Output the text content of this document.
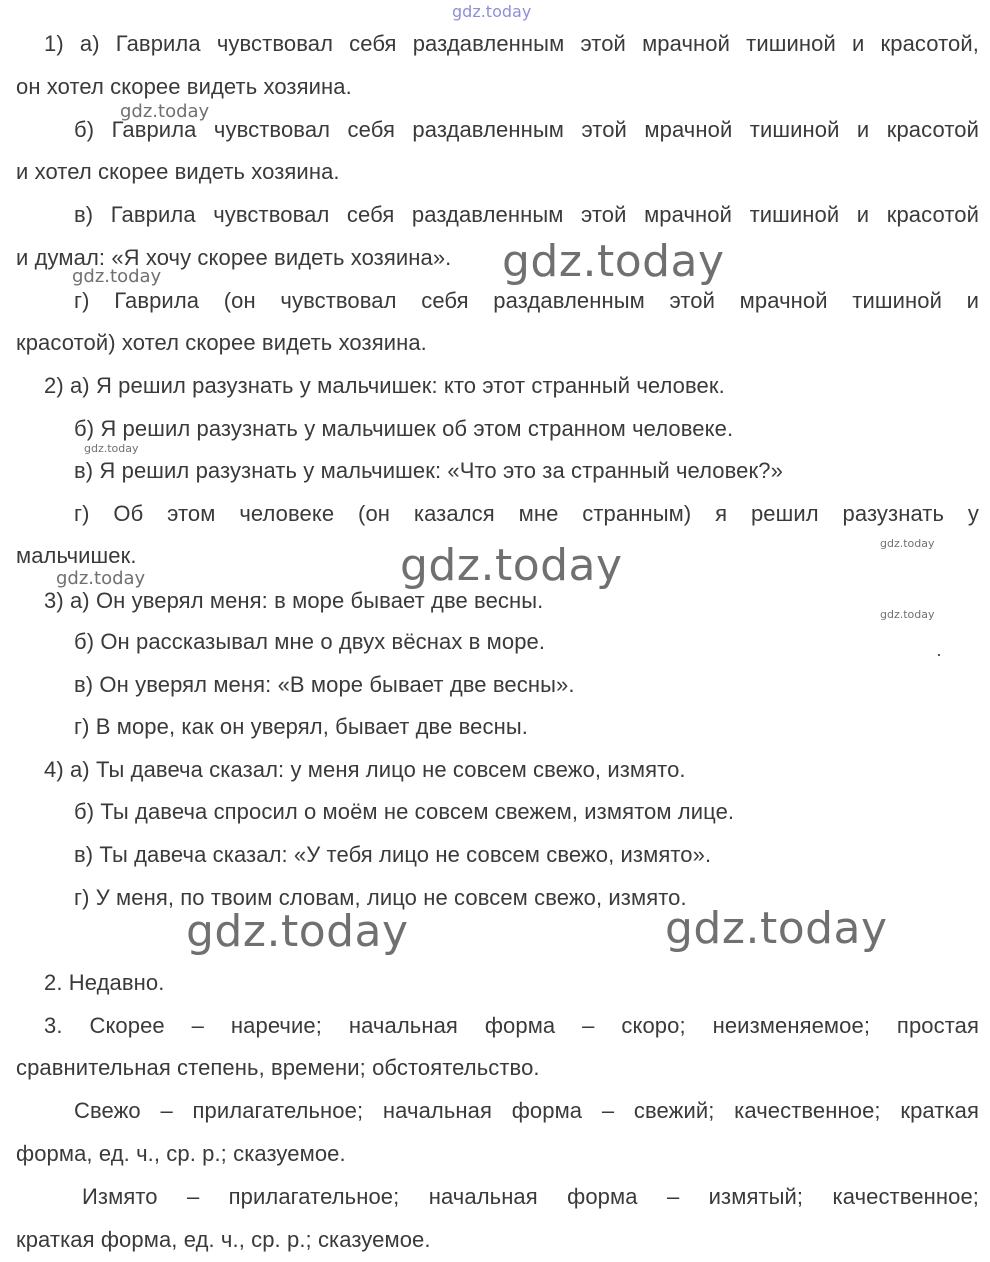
gdz.today
1) а) Гаврила чувствовал себя раздавленным этой мрачной тишиной и красотой,
он хотел скорее видеть хозяина.
б) Гаврила чувствовал себя раздавленным этой мрачной тишиной и красотой
и хотел скорее видеть хозяина.
в) Гаврила чувствовал себя раздавленным этой мрачной тишиной и красотой
и думал: «Я хочу скорее видеть хозяина».
г) Гаврила (он чувствовал себя раздавленным этой мрачной тишиной и
красотой) хотел скорее видеть хозяина.
2) а) Я решил разузнать у мальчишек: кто этот странный человек.
б) Я решил разузнать у мальчишек об этом странном человеке.
в) Я решил разузнать у мальчишек: «Что это за странный человек?»
г) Об этом человеке (он казался мне странным) я решил разузнать у
мальчишек.
3) а) Он уверял меня: в море бывает две весны.
б) Он рассказывал мне о двух вёснах в море.
в) Он уверял меня: «В море бывает две весны».
г) В море, как он уверял, бывает две весны.
4) а) Ты давеча сказал: у меня лицо не совсем свежо, измято.
б) Ты давеча спросил о моём не совсем свежем, измятом лице.
в) Ты давеча сказал: «У тебя лицо не совсем свежо, измято».
г) У меня, по твоим словам, лицо не совсем свежо, измято.
2. Недавно.
3. Скорее – наречие; начальная форма – скоро; неизменяемое; простая
сравнительная степень, времени; обстоятельство.
Свежо – прилагательное; начальная форма – свежий; качественное; краткая
форма, ед. ч., ср. р.; сказуемое.
Измято – прилагательное; начальная форма – измятый; качественное;
краткая форма, ед. ч., ср. р.; сказуемое.
gdz.today
gdz.today
gdz.today
gdz.today
gdz.today
gdz.today
gdz.today
gdz.today
gdz.today	gdz.today
